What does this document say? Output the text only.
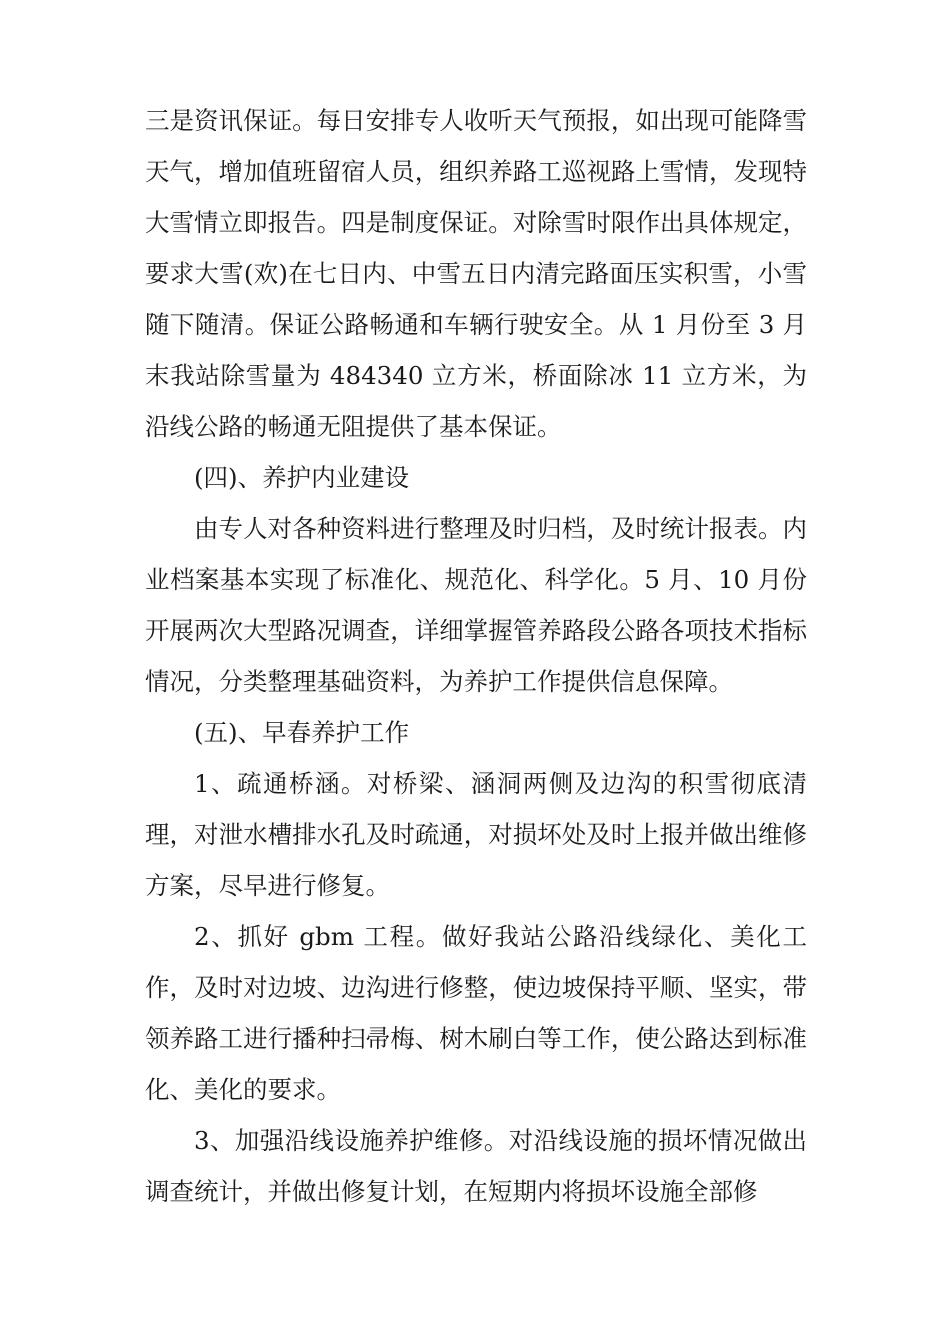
三是资讯保证。每日安排专人收听天气预报，如出现可能降雪天气，增加值班留宿人员，组织养路工巡视路上雪情，发现特大雪情立即报告。四是制度保证。对除雪时限作出具体规定，要求大雪(欢)在七日内、中雪五日内清完路面压实积雪，小雪随下随清。保证公路畅通和车辆行驶安全。从 1 月份至 3 月末我站除雪量为 484340 立方米，桥面除冰 11 立方米，为沿线公路的畅通无阻提供了基本保证。

(四)、养护内业建设

由专人对各种资料进行整理及时归档，及时统计报表。内业档案基本实现了标准化、规范化、科学化。5 月、10 月份开展两次大型路况调查，详细掌握管养路段公路各项技术指标情况，分类整理基础资料，为养护工作提供信息保障。

(五)、早春养护工作

1、疏通桥涵。对桥梁、涵洞两侧及边沟的积雪彻底清理，对泄水槽排水孔及时疏通，对损坏处及时上报并做出维修方案，尽早进行修复。

2、抓好 gbm 工程。做好我站公路沿线绿化、美化工作，及时对边坡、边沟进行修整，使边坡保持平顺、坚实，带领养路工进行播种扫帚梅、树木刷白等工作，使公路达到标准化、美化的要求。

3、加强沿线设施养护维修。对沿线设施的损坏情况做出调查统计，并做出修复计划，在短期内将损坏设施全部修
